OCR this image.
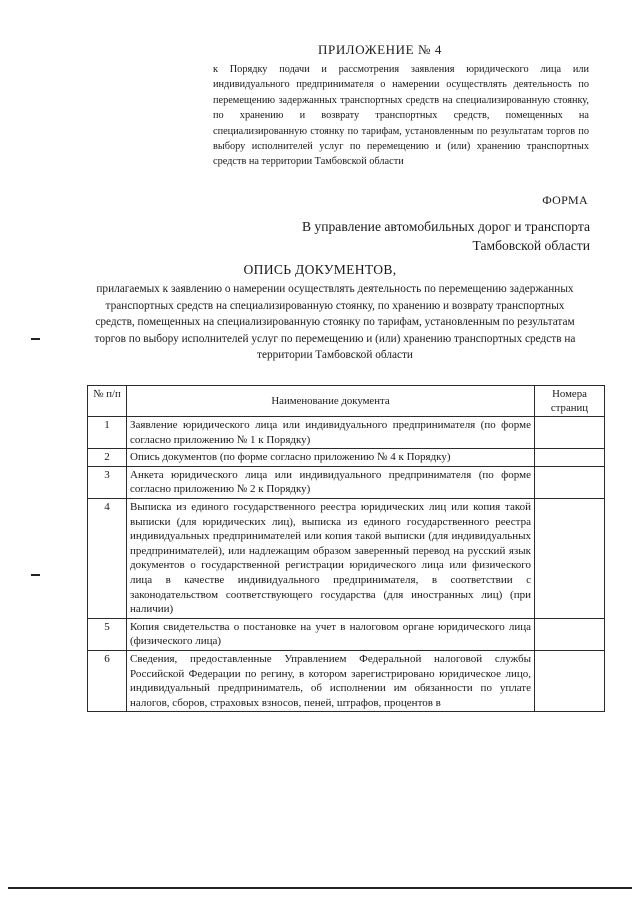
ПРИЛОЖЕНИЕ № 4
к Порядку подачи и рассмотрения заявления юридического лица или индивидуального предпринимателя о намерении осуществлять деятельность по перемещению задержанных транспортных средств на специализированную стоянку, по хранению и возврату транспортных средств, помещенных на специализированную стоянку по тарифам, установленным по результатам торгов по выбору исполнителей услуг по перемещению и (или) хранению транспортных средств на территории Тамбовской области
ФОРМА
В управление автомобильных дорог и транспорта
Тамбовской области
ОПИСЬ ДОКУМЕНТОВ,
прилагаемых к заявлению о намерении осуществлять деятельность по перемещению задержанных транспортных средств на специализированную стоянку, по хранению и возврату транспортных средств, помещенных на специализированную стоянку по тарифам, установленным по результатам торгов по выбору исполнителей услуг по перемещению и (или) хранению транспортных средств на территории Тамбовской области
№ п/п	Наименование документа	Номера страниц
1	Заявление юридического лица или индивидуального предпринимателя (по форме согласно приложению № 1 к Порядку)	
2	Опись документов (по форме согласно приложению № 4 к Порядку)	
3	Анкета юридического лица или индивидуального предпринимателя (по форме согласно приложению № 2 к Порядку)	
4	Выписка из единого государственного реестра юридических лиц или копия такой выписки (для юридических лиц), выписка из единого государственного реестра индивидуальных предпринимателей или копия такой выписки (для индивидуальных предпринимателей), или надлежащим образом заверенный перевод на русский язык документов о государственной регистрации юридического лица или физического лица в качестве индивидуального предпринимателя, в соответствии с законодательством соответствующего государства (для иностранных лиц) (при наличии)	
5	Копия свидетельства о постановке на учет в налоговом органе юридического лица (физического лица)	
6	Сведения, предоставленные Управлением Федеральной налоговой службы Российской Федерации по регину, в котором зарегистрировано юридическое лицо, индивидуальный предприниматель, об исполнении им обязанности по уплате налогов, сборов, страховых взносов, пеней, штрафов, процентов в	
